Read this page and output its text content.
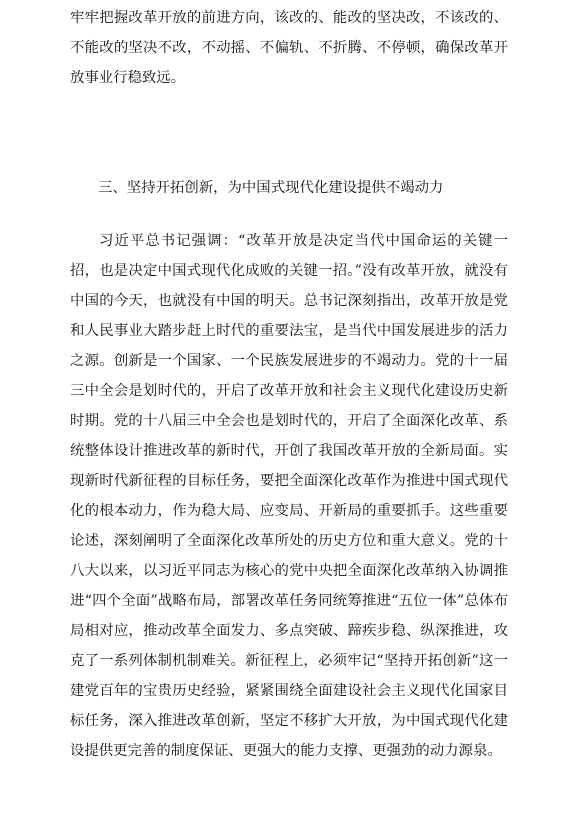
牢牢把握改革开放的前进方向，该改的、能改的坚决改，不该改的、不能改的坚决不改，不动摇、不偏轨、不折腾、不停顿，确保改革开放事业行稳致远。

三、坚持开拓创新，为中国式现代化建设提供不竭动力

习近平总书记强调：“改革开放是决定当代中国命运的关键一招，也是决定中国式现代化成败的关键一招。”没有改革开放，就没有中国的今天，也就没有中国的明天。总书记深刻指出，改革开放是党和人民事业大踏步赶上时代的重要法宝，是当代中国发展进步的活力之源。创新是一个国家、一个民族发展进步的不竭动力。党的十一届三中全会是划时代的，开启了改革开放和社会主义现代化建设历史新时期。党的十八届三中全会也是划时代的，开启了全面深化改革、系统整体设计推进改革的新时代，开创了我国改革开放的全新局面。实现新时代新征程的目标任务，要把全面深化改革作为推进中国式现代化的根本动力，作为稳大局、应变局、开新局的重要抓手。这些重要论述，深刻阐明了全面深化改革所处的历史方位和重大意义。党的十八大以来，以习近平同志为核心的党中央把全面深化改革纳入协调推进“四个全面”战略布局，部署改革任务同统筹推进“五位一体”总体布局相对应，推动改革全面发力、多点突破、蹄疾步稳、纵深推进，攻克了一系列体制机制难关。新征程上，必须牢记“坚持开拓创新”这一建党百年的宝贵历史经验，紧紧围绕全面建设社会主义现代化国家目标任务，深入推进改革创新，坚定不移扩大开放，为中国式现代化建设提供更完善的制度保证、更强大的能力支撑、更强劲的动力源泉。
